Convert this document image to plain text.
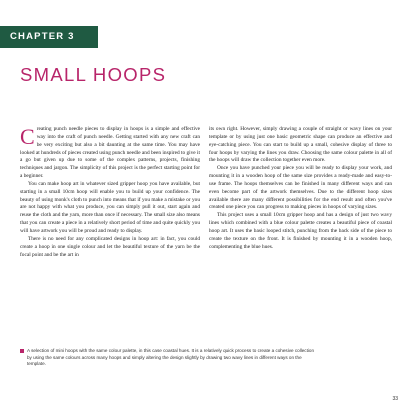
CHAPTER 3
SMALL HOOPS

Creating punch needle pieces to display in hoops is a simple and effective way into the craft of punch needle. Getting started with any new craft can be very exciting but also a bit daunting at the same time. You may have looked at hundreds of pieces created using punch needle and been inspired to give it a go but given up due to some of the complex patterns, projects, finishing techniques and jargon. The simplicity of this project is the perfect starting point for a beginner.

You can make hoop art in whatever sized gripper hoop you have available, but starting in a small 10cm hoop will enable you to build up your confidence. The beauty of using monk's cloth to punch into means that if you make a mistake or you are not happy with what you produce, you can simply pull it out, start again and reuse the cloth and the yarn, more than once if necessary. The small size also means that you can create a piece in a relatively short period of time and quite quickly you will have artwork you will be proud and ready to display.

There is no need for any complicated designs in hoop art: in fact, you could create a hoop in one single colour and let the beautiful texture of the yarn be the focal point and be the art in

its own right. However, simply drawing a couple of straight or wavy lines on your template or by using just one basic geometric shape can produce an effective and eye-catching piece. You can start to build up a small, cohesive display of three to four hoops by varying the lines you draw. Choosing the same colour palette in all of the hoops will draw the collection together even more.

Once you have punched your piece you will be ready to display your work, and mounting it in a wooden hoop of the same size provides a ready-made and easy-to-use frame. The hoops themselves can be finished in many different ways and can even become part of the artwork themselves. Due to the different hoop sizes available there are many different possibilities for the end result and often you've created one piece you can progress to making pieces in hoops of varying sizes.

This project uses a small 10cm gripper hoop and has a design of just two wavy lines which combined with a blue colour palette creates a beautiful piece of coastal hoop art. It uses the basic looped stitch, punching from the back side of the piece to create the texture on the front. It is finished by mounting it in a wooden hoop, complementing the blue hues.

A selection of mini hoops with the same colour palette, in this case coastal hues. It is a relatively quick process to create a cohesive collection by using the same colours across many hoops and simply altering the design slightly by drawing two wavy lines in different ways on the template.
33
